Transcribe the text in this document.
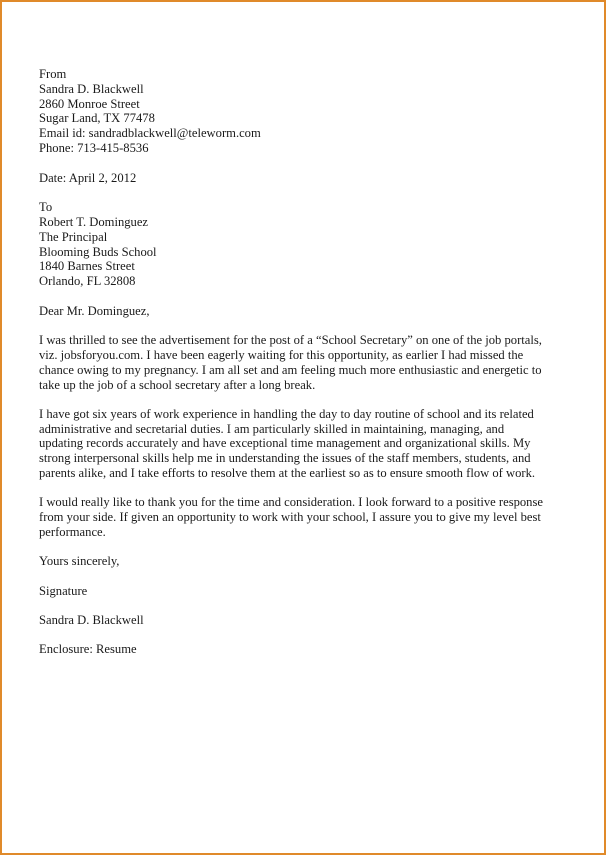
From
Sandra D. Blackwell
2860 Monroe Street
Sugar Land, TX 77478
Email id: sandradblackwell@teleworm.com
Phone: 713-415-8536
Date: April 2, 2012
To
Robert T. Dominguez
The Principal
Blooming Buds School
1840 Barnes Street
Orlando, FL 32808

Dear Mr. Dominguez,

I was thrilled to see the advertisement for the post of a “School Secretary” on one of the job portals,
viz. jobsforyou.com. I have been eagerly waiting for this opportunity, as earlier I had missed the
chance owing to my pregnancy. I am all set and am feeling much more enthusiastic and energetic to
take up the job of a school secretary after a long break.

I have got six years of work experience in handling the day to day routine of school and its related
administrative and secretarial duties. I am particularly skilled in maintaining, managing, and
updating records accurately and have exceptional time management and organizational skills. My
strong interpersonal skills help me in understanding the issues of the staff members, students, and
parents alike, and I take efforts to resolve them at the earliest so as to ensure smooth flow of work.

I would really like to thank you for the time and consideration. I look forward to a positive response
from your side. If given an opportunity to work with your school, I assure you to give my level best
performance.

Yours sincerely,

Signature

Sandra D. Blackwell

Enclosure: Resume
